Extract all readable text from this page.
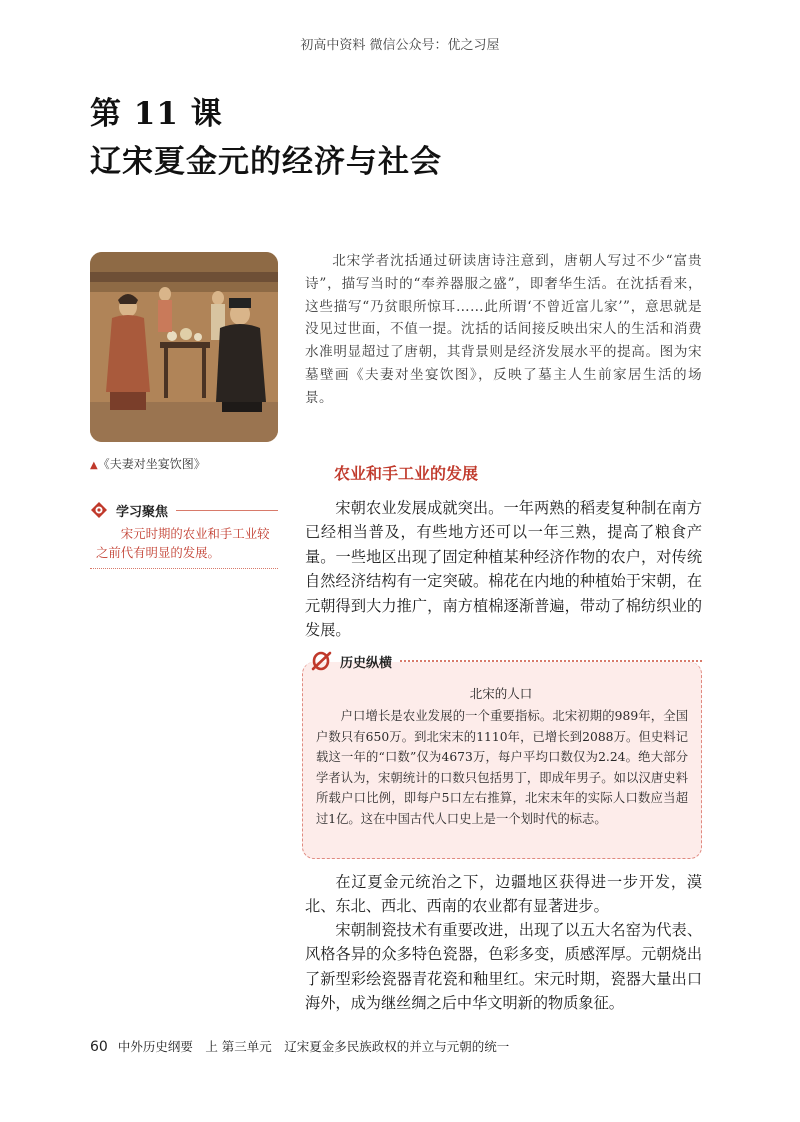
初高中资料 微信公众号：优之习屋
第 11 课
辽宋夏金元的经济与社会
▲《夫妻对坐宴饮图》
学习聚焦
宋元时期的农业和手工业较之前代有明显的发展。
北宋学者沈括通过研读唐诗注意到，唐朝人写过不少“富贵诗”，描写当时的“奉养器服之盛”，即奢华生活。在沈括看来，这些描写“乃贫眼所惊耳……此所谓‘不曾近富儿家’”，意思就是没见过世面，不值一提。沈括的话间接反映出宋人的生活和消费水准明显超过了唐朝，其背景则是经济发展水平的提高。图为宋墓壁画《夫妻对坐宴饮图》，反映了墓主人生前家居生活的场景。
农业和手工业的发展
宋朝农业发展成就突出。一年两熟的稻麦复种制在南方已经相当普及，有些地方还可以一年三熟，提高了粮食产量。一些地区出现了固定种植某种经济作物的农户，对传统自然经济结构有一定突破。棉花在内地的种植始于宋朝，在元朝得到大力推广，南方植棉逐渐普遍，带动了棉纺织业的发展。
历史纵横
北宋的人口
户口增长是农业发展的一个重要指标。北宋初期的989年，全国户数只有650万。到北宋末的1110年，已增长到2088万。但史料记载这一年的“口数”仅为4673万，每户平均口数仅为2.24。绝大部分学者认为，宋朝统计的口数只包括男丁，即成年男子。如以汉唐史料所载户口比例，即每户5口左右推算，北宋末年的实际人口数应当超过1亿。这在中国古代人口史上是一个划时代的标志。
在辽夏金元统治之下，边疆地区获得进一步开发，漠北、东北、西北、西南的农业都有显著进步。
宋朝制瓷技术有重要改进，出现了以五大名窑为代表、风格各异的众多特色瓷器，色彩多变，质感浑厚。元朝烧出了新型彩绘瓷器青花瓷和釉里红。宋元时期，瓷器大量出口海外，成为继丝绸之后中华文明新的物质象征。
60 中外历史纲要　上 第三单元　辽宋夏金多民族政权的并立与元朝的统一
